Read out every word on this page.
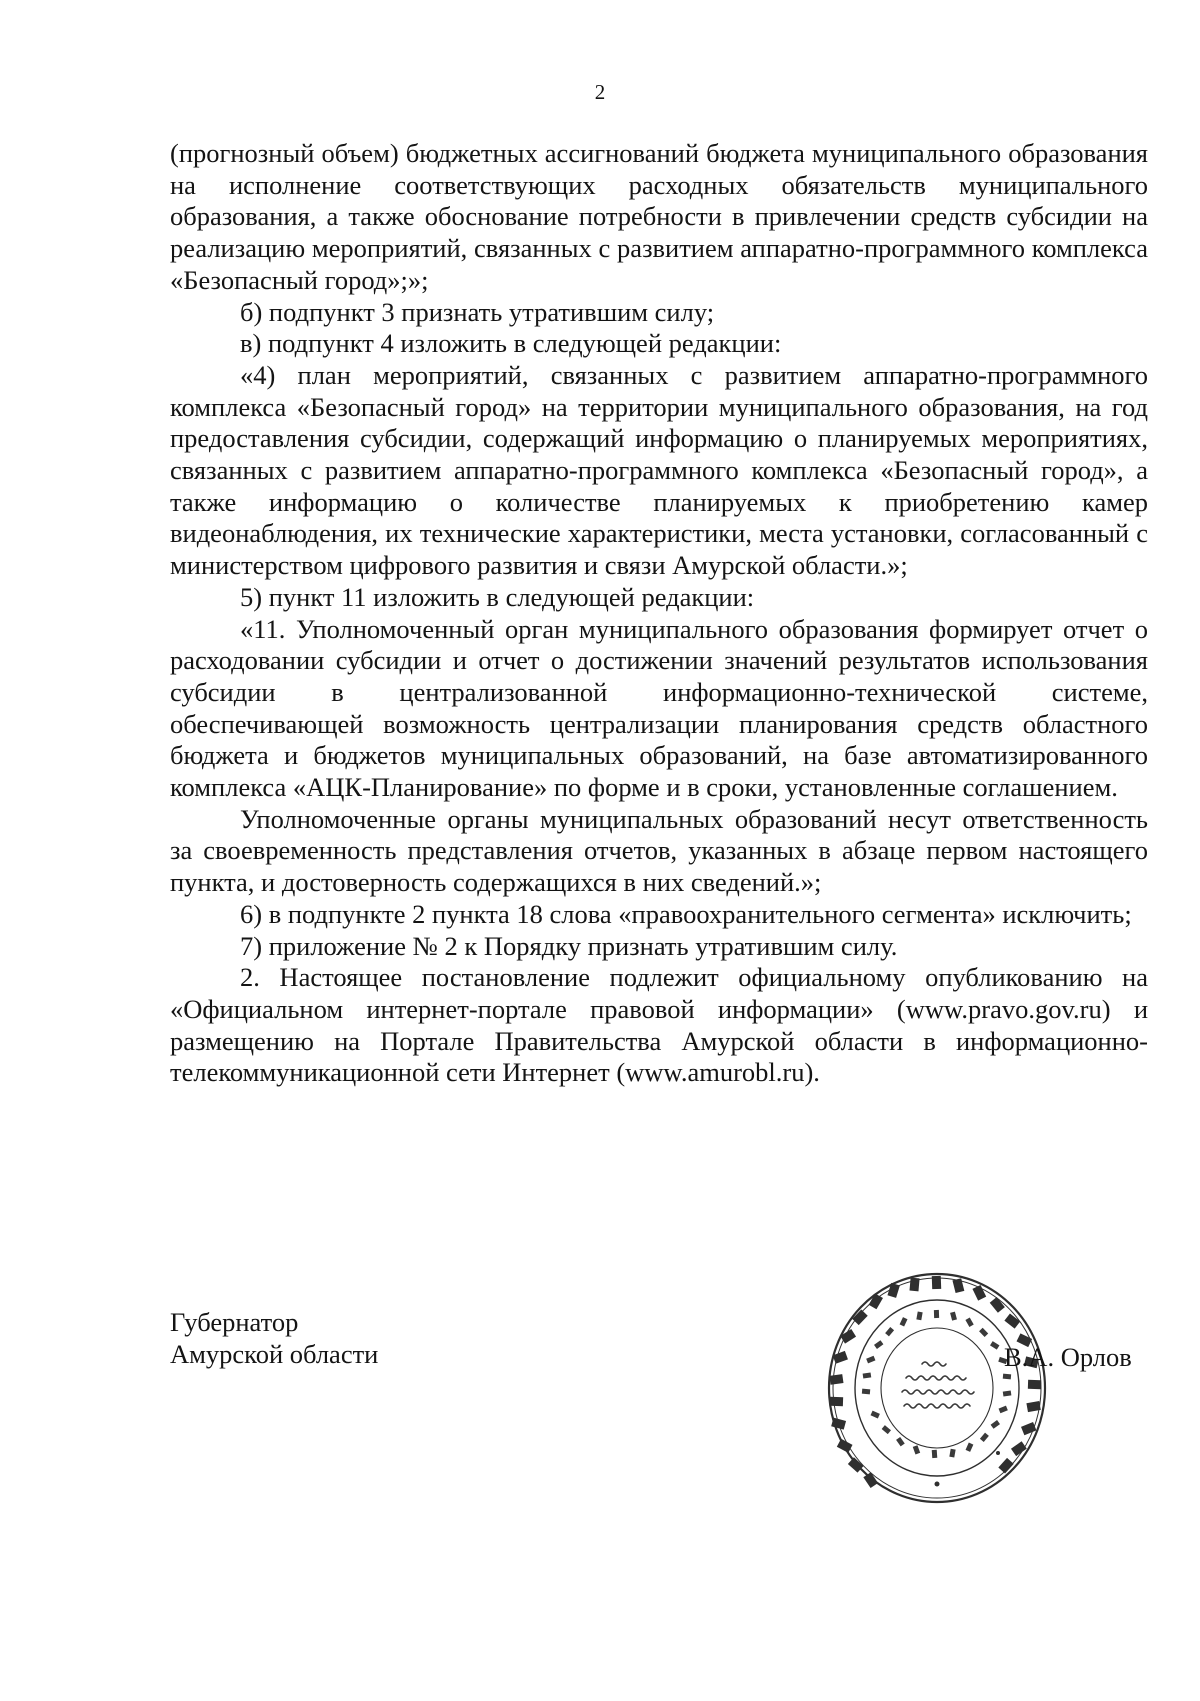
2

(прогнозный объем) бюджетных ассигнований бюджета муниципального образования на исполнение соответствующих расходных обязательств муниципального образования, а также обоснование потребности в привлечении средств субсидии на реализацию мероприятий, связанных с развитием аппаратно-программного комплекса «Безопасный город»;»;

б) подпункт 3 признать утратившим силу;

в) подпункт 4 изложить в следующей редакции:

«4) план мероприятий, связанных с развитием аппаратно-программного комплекса «Безопасный город» на территории муниципального образования, на год предоставления субсидии, содержащий информацию о планируемых мероприятиях, связанных с развитием аппаратно-программного комплекса «Безопасный город», а также информацию о количестве планируемых к приобретению камер видеонаблюдения, их технические характеристики, места установки, согласованный с министерством цифрового развития и связи Амурской области.»;

5) пункт 11 изложить в следующей редакции:

«11. Уполномоченный орган муниципального образования формирует отчет о расходовании субсидии и отчет о достижении значений результатов использования субсидии в централизованной информационно-технической системе, обеспечивающей возможность централизации планирования средств областного бюджета и бюджетов муниципальных образований, на базе автоматизированного комплекса «АЦК-Планирование» по форме и в сроки, установленные соглашением.

Уполномоченные органы муниципальных образований несут ответственность за своевременность представления отчетов, указанных в абзаце первом настоящего пункта, и достоверность содержащихся в них сведений.»;

6) в подпункте 2 пункта 18 слова «правоохранительного сегмента» исключить;

7) приложение № 2 к Порядку признать утратившим силу.

2. Настоящее постановление подлежит официальному опубликованию на «Официальном интернет-портале правовой информации» (www.pravo.gov.ru) и размещению на Портале Правительства Амурской области в информационно-телекоммуникационной сети Интернет (www.amurobl.ru).

Губернатор
Амурской области	В.А. Орлов
